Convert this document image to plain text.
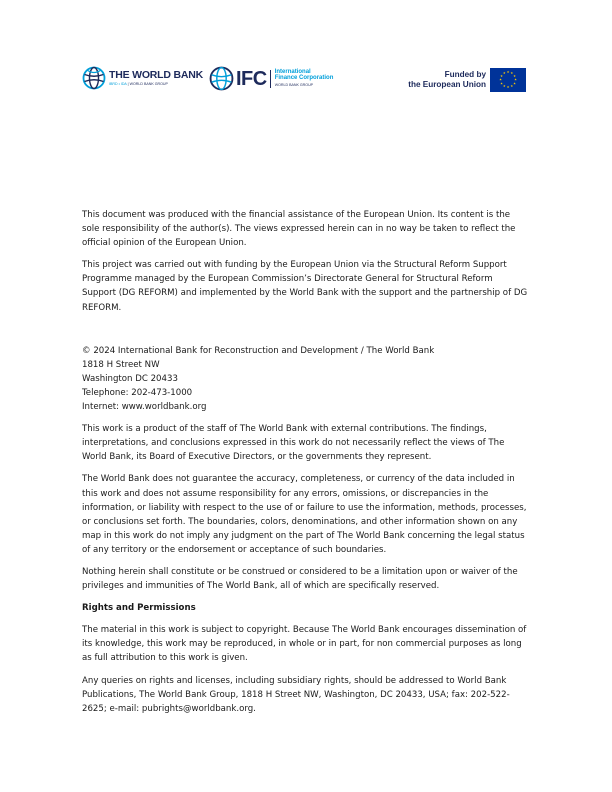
THE WORLD BANK
IBRD • IDA | WORLD BANK GROUP	IFC International
Finance Corporation
WORLD BANK GROUP
Funded by
the European Union
★ ★
★
★
★
★
★
★
★
★
★
★

This document was produced with the financial assistance of the European Union. Its content is the sole responsibility of the author(s). The views expressed herein can in no way be taken to reflect the official opinion of the European Union.

This project was carried out with funding by the European Union via the Structural Reform Support Programme managed by the European Commission’s Directorate General for Structural Reform Support (DG REFORM) and implemented by the World Bank with the support and the partnership of DG REFORM.

© 2024 International Bank for Reconstruction and Development / The World Bank

1818 H Street NW

Washington DC 20433

Telephone: 202-473-1000

Internet: www.worldbank.org

This work is a product of the staff of The World Bank with external contributions. The findings, interpretations, and conclusions expressed in this work do not necessarily reflect the views of The World Bank, its Board of Executive Directors, or the governments they represent.

The World Bank does not guarantee the accuracy, completeness, or currency of the data included in this work and does not assume responsibility for any errors, omissions, or discrepancies in the information, or liability with respect to the use of or failure to use the information, methods, processes, or conclusions set forth. The boundaries, colors, denominations, and other information shown on any map in this work do not imply any judgment on the part of The World Bank concerning the legal status of any territory or the endorsement or acceptance of such boundaries.

Nothing herein shall constitute or be construed or considered to be a limitation upon or waiver of the privileges and immunities of The World Bank, all of which are specifically reserved.

Rights and Permissions

The material in this work is subject to copyright. Because The World Bank encourages dissemination of its knowledge, this work may be reproduced, in whole or in part, for non commercial purposes as long as full attribution to this work is given.

Any queries on rights and licenses, including subsidiary rights, should be addressed to World Bank Publications, The World Bank Group, 1818 H Street NW, Washington, DC 20433, USA; fax: 202-522-2625; e-mail: pubrights@worldbank.org.
